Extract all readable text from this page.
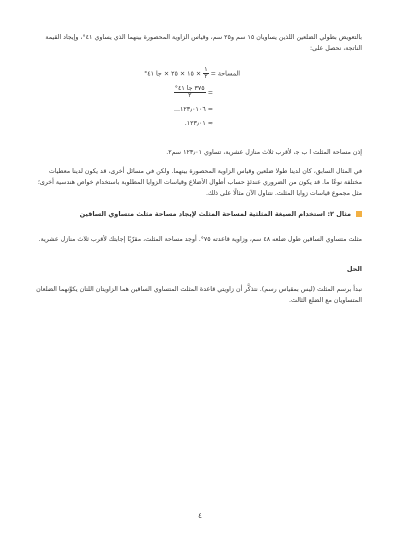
بالتعويض بطولي الضلعين اللذين يساويان ١٥ سم و٢٥ سم، وقياس الزاوية المحصورة بينهما الذي يساوي ٤١°، وإيجاد القيمة الناتجة، نحصل على:

المساحة =
$\frac{١}{٢}$
× ١٥ × ٢٥ × جا ٤١°
=
$\frac{\text{٣٧٥ جا ٤١°}}{٢}$
= ١٢٣٫٠١٠٦...
≈ ١٢٣٫٠١.

إذن مساحة المثلث ا ب ﺟ، لأقرب ثلاث منازل عشرية، تساوي ١٢٣٫٠١ سم٢.

في المثال السابق، كان لدينا طولا ضلعين وقياس الزاوية المحصورة بينهما. ولكن في مسائل أخرى، قد يكون لدينا معطيات مختلفة نوعًا ما. قد يكون من الضروري عندئذٍ حساب أطوال الأضلاع وقياسات الزوايا المطلوبة باستخدام خواص هندسية أخرى؛ مثل مجموع قياسات زوايا المثلث. نتناول الآن مثالًا على ذلك.

مثال ٢: استخدام الصيغة المثلثية لمساحة المثلث لإيجاد مساحة مثلث متساوي الساقين

مثلث متساوي الساقين طول ضلعه ٤٨ سم، وزاوية قاعدته ٧٥°. أوجد مساحة المثلث، مقرّبًا إجابتك لأقرب ثلاث منازل عشرية.

الحل

نبدأ برسم المثلث (ليس بمقياس رسم). نتذكَّر أن زاويتي قاعدة المثلث المتساوي الساقين هما الزاويتان اللتان يكوِّنهما الضلعان المتساويان مع الضلع الثالث.

٤
